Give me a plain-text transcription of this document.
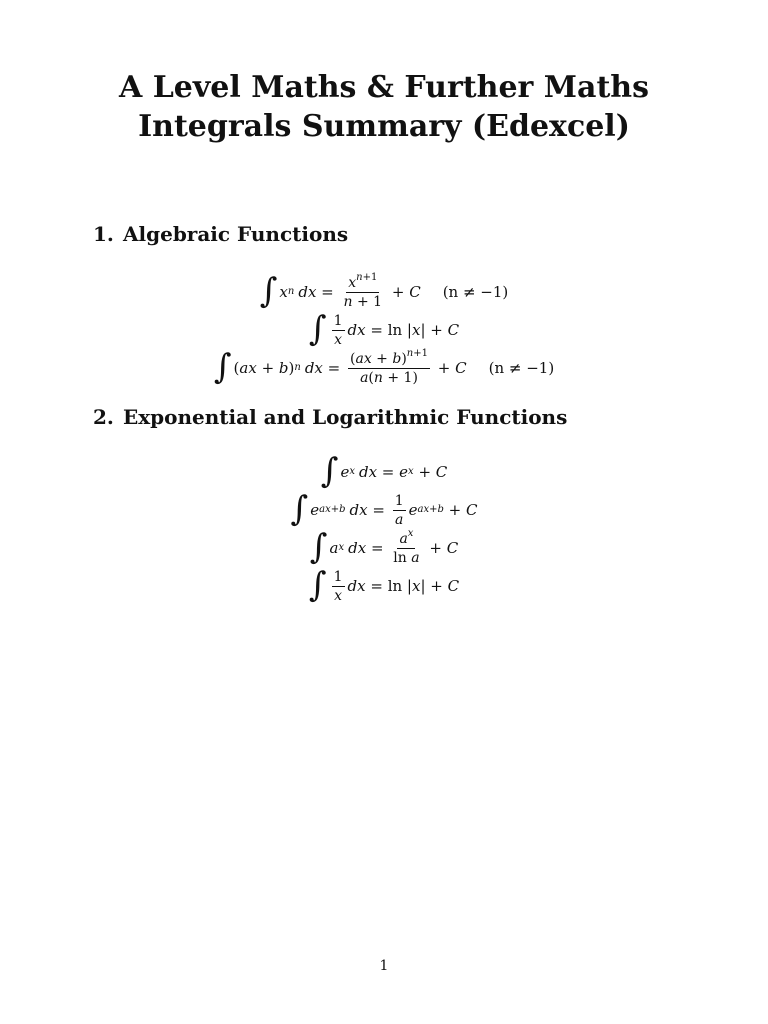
A Level Maths & Further Maths
Integrals Summary (Edexcel)
1. Algebraic Functions
∫ x n dx = $\frac{x^{n+1}}{n + 1} + C$ (n ≠ −1)
∫ $\frac{1}{x}$ dx = ln | x | + C
∫ ( ax + b ) n dx = $\frac{(ax + b)^{n+1}}{a(n + 1)} + C$ (n ≠ −1)
2. Exponential and Logarithmic Functions
∫ e x dx = e x + C
∫ e ax+b dx = $\frac{1}{a}$ e ax+b + C
∫ a x dx = $\frac{a^x}{\text{ln a}} + C$
∫ $\frac{1}{x}$ dx = ln | x | + C
1
